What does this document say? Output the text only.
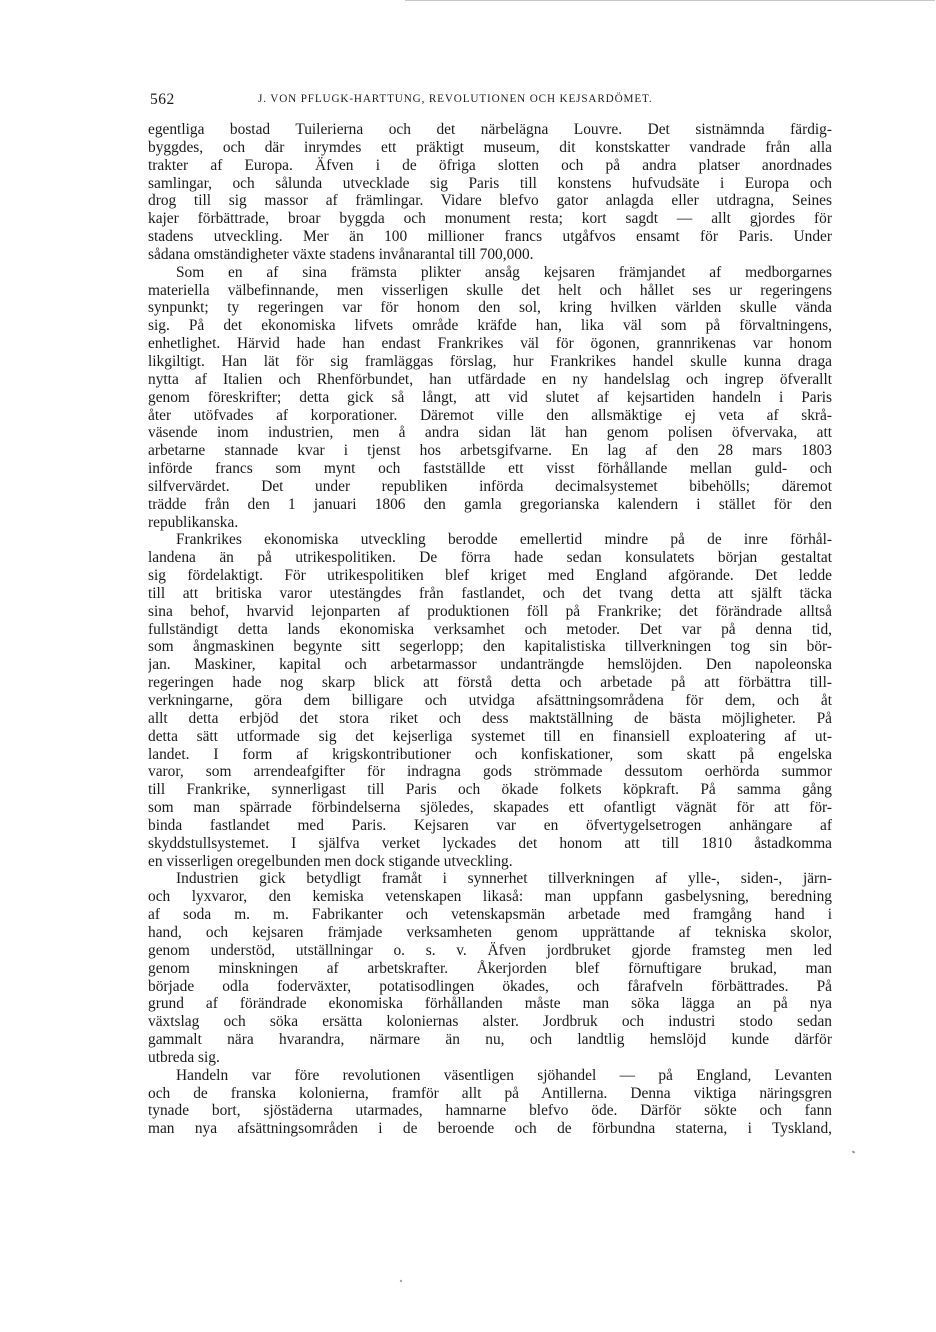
562	J. VON PFLUGK-HARTTUNG, REVOLUTIONEN OCH KEJSARDÖMET.
egentliga bostad Tuilerierna och det närbelägna Louvre. Det sistnämnda färdig-
byggdes, och där inrymdes ett präktigt museum, dit konstskatter vandrade från alla
trakter af Europa. Äfven i de öfriga slotten och på andra platser anordnades
samlingar, och sålunda utvecklade sig Paris till konstens hufvudsäte i Europa och
drog till sig massor af främlingar. Vidare blefvo gator anlagda eller utdragna, Seines
kajer förbättrade, broar byggda och monument resta; kort sagdt — allt gjordes för
stadens utveckling. Mer än 100 millioner francs utgåfvos ensamt för Paris. Under
sådana omständigheter växte stadens invånarantal till 700,000.
Som en af sina främsta plikter ansåg kejsaren främjandet af medborgarnes
materiella välbefinnande, men visserligen skulle det helt och hållet ses ur regeringens
synpunkt; ty regeringen var för honom den sol, kring hvilken världen skulle vända
sig. På det ekonomiska lifvets område kräfde han, lika väl som på förvaltningens,
enhetlighet. Härvid hade han endast Frankrikes väl för ögonen, grannrikenas var honom
likgiltigt. Han lät för sig framläggas förslag, hur Frankrikes handel skulle kunna draga
nytta af Italien och Rhenförbundet, han utfärdade en ny handelslag och ingrep öfverallt
genom föreskrifter; detta gick så långt, att vid slutet af kejsartiden handeln i Paris
åter utöfvades af korporationer. Däremot ville den allsmäktige ej veta af skrå-
väsende inom industrien, men å andra sidan lät han genom polisen öfvervaka, att
arbetarne stannade kvar i tjenst hos arbetsgifvarne. En lag af den 28 mars 1803
införde francs som mynt och fastställde ett visst förhållande mellan guld- och
silfvervärdet. Det under republiken införda decimalsystemet bibehölls; däremot
trädde från den 1 januari 1806 den gamla gregorianska kalendern i stället för den
republikanska.
Frankrikes ekonomiska utveckling berodde emellertid mindre på de inre förhål-
landena än på utrikespolitiken. De förra hade sedan konsulatets början gestaltat
sig fördelaktigt. För utrikespolitiken blef kriget med England afgörande. Det ledde
till att britiska varor utestängdes från fastlandet, och det tvang detta att själft täcka
sina behof, hvarvid lejonparten af produktionen föll på Frankrike; det förändrade alltså
fullständigt detta lands ekonomiska verksamhet och metoder. Det var på denna tid,
som ångmaskinen begynte sitt segerlopp; den kapitalistiska tillverkningen tog sin bör-
jan. Maskiner, kapital och arbetarmassor undanträngde hemslöjden. Den napoleonska
regeringen hade nog skarp blick att förstå detta och arbetade på att förbättra till-
verkningarne, göra dem billigare och utvidga afsättningsområdena för dem, och åt
allt detta erbjöd det stora riket och dess maktställning de bästa möjligheter. På
detta sätt utformade sig det kejserliga systemet till en finansiell exploatering af ut-
landet. I form af krigskontributioner och konfiskationer, som skatt på engelska
varor, som arrendeafgifter för indragna gods strömmade dessutom oerhörda summor
till Frankrike, synnerligast till Paris och ökade folkets köpkraft. På samma gång
som man spärrade förbindelserna sjöledes, skapades ett ofantligt vägnät för att för-
binda fastlandet med Paris. Kejsaren var en öfvertygelsetrogen anhängare af
skyddstullsystemet. I själfva verket lyckades det honom att till 1810 åstadkomma
en visserligen oregelbunden men dock stigande utveckling.
Industrien gick betydligt framåt i synnerhet tillverkningen af ylle-, siden-, järn-
och lyxvaror, den kemiska vetenskapen likaså: man uppfann gasbelysning, beredning
af soda m. m. Fabrikanter och vetenskapsmän arbetade med framgång hand i
hand, och kejsaren främjade verksamheten genom upprättande af tekniska skolor,
genom understöd, utställningar o. s. v. Äfven jordbruket gjorde framsteg men led
genom minskningen af arbetskrafter. Åkerjorden blef förnuftigare brukad, man
började odla foderväxter, potatisodlingen ökades, och fårafveln förbättrades. På
grund af förändrade ekonomiska förhållanden måste man söka lägga an på nya
växtslag och söka ersätta koloniernas alster. Jordbruk och industri stodo sedan
gammalt nära hvarandra, närmare än nu, och landtlig hemslöjd kunde därför
utbreda sig.
Handeln var före revolutionen väsentligen sjöhandel — på England, Levanten
och de franska kolonierna, framför allt på Antillerna. Denna viktiga näringsgren
tynade bort, sjöstäderna utarmades, hamnarne blefvo öde. Därför sökte och fann
man nya afsättningsområden i de beroende och de förbundna staterna, i Tyskland,
